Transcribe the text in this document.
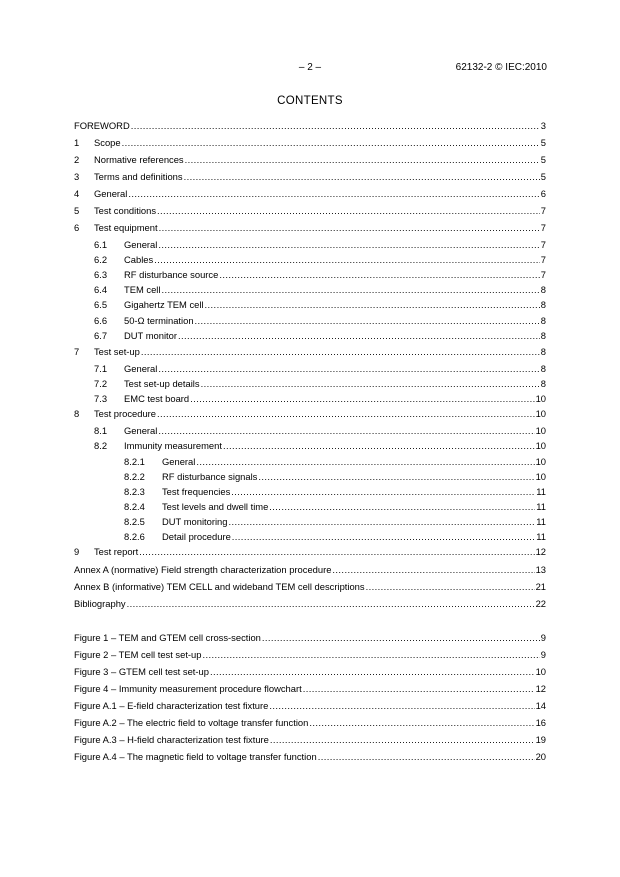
– 2 –	62132-2 © IEC:2010
CONTENTS
FOREWORD .....	3
1	Scope .....	5
2	Normative references .....	5
3	Terms and definitions .....	5
4	General .....	6
5	Test conditions .....	7
6	Test equipment .....	7
6.1	General .....	7
6.2	Cables .....	7
6.3	RF disturbance source .....	7
6.4	TEM cell .....	8
6.5	Gigahertz TEM cell .....	8
6.6	50-Ω termination .....	8
6.7	DUT monitor .....	8
7	Test set-up .....	8
7.1	General .....	8
7.2	Test set-up details .....	8
7.3	EMC test board .....	10
8	Test procedure .....	10
8.1	General .....	10
8.2	Immunity measurement .....	10
8.2.1	General .....	10
8.2.2	RF disturbance signals .....	10
8.2.3	Test frequencies .....	11
8.2.4	Test levels and dwell time .....	11
8.2.5	DUT monitoring .....	11
8.2.6	Detail procedure .....	11
9	Test report .....	12
Annex A (normative) Field strength characterization procedure .....	13
Annex B (informative) TEM CELL and wideband TEM cell descriptions .....	21
Bibliography .....	22
Figure 1 – TEM and GTEM cell cross-section .....	9
Figure 2 – TEM cell test set-up .....	9
Figure 3 – GTEM cell test set-up .....	10
Figure 4 – Immunity measurement procedure flowchart .....	12
Figure A.1 – E-field characterization test fixture .....	14
Figure A.2 – The electric field to voltage transfer function .....	16
Figure A.3 – H-field characterization test fixture .....	19
Figure A.4 – The magnetic field to voltage transfer function .....	20
